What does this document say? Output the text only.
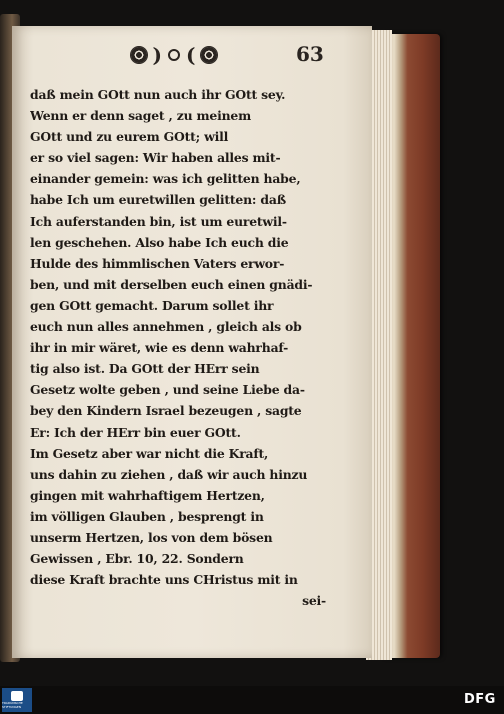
) (	63
daß mein GOtt nun auch ihr GOtt sey.
Wenn er denn saget , zu meinem
GOtt und zu eurem GOtt; will
er so viel sagen: Wir haben alles mit-
einander gemein: was ich gelitten habe,
habe Ich um euretwillen gelitten: daß
Ich auferstanden bin, ist um euretwil-
len geschehen. Also habe Ich euch die
Hulde des himmlischen Vaters erwor-
ben, und mit derselben euch einen gnädi-
gen GOtt gemacht. Darum sollet ihr
euch nun alles annehmen , gleich als ob
ihr in mir wäret, wie es denn wahrhaf-
tig also ist. Da GOtt der HErr sein
Gesetz wolte geben , und seine Liebe da-
bey den Kindern Israel bezeugen , sagte
Er: Ich der HErr bin euer GOtt.
Im Gesetz aber war nicht die Kraft,
uns dahin zu ziehen , daß wir auch hinzu
gingen mit wahrhaftigem Hertzen,
im völligen Glauben , besprengt in
unserm Hertzen, los von dem bösen
Gewissen , Ebr. 10, 22. Sondern
diese Kraft brachte uns CHristus mit in
sei-
TRADUNSCHE STIFTUNGEN	DFG
